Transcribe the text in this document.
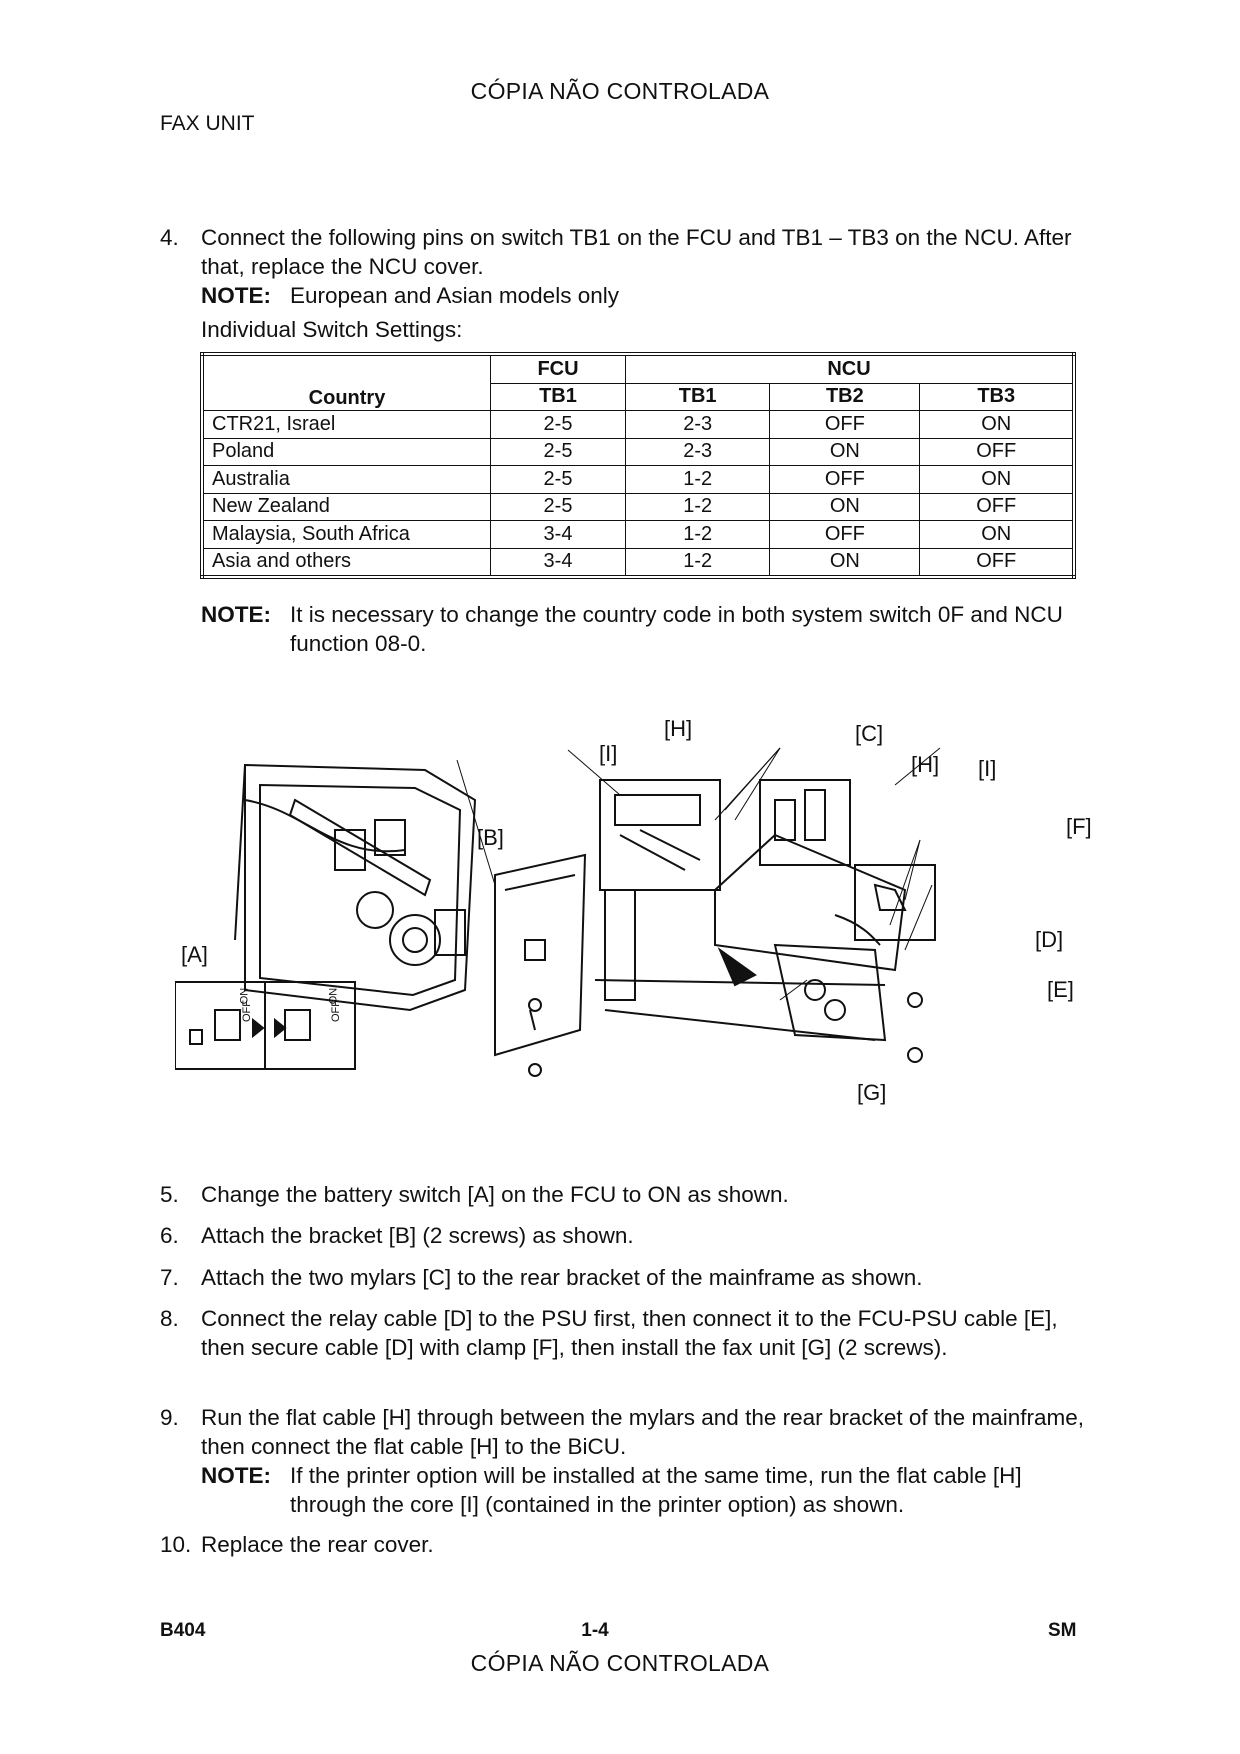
CÓPIA NÃO CONTROLADA
FAX UNIT
4. Connect the following pins on switch TB1 on the FCU and TB1 – TB3 on the NCU. After that, replace the NCU cover.
NOTE: European and Asian models only
Individual Switch Settings:
Country	FCU	NCU		
	TB1	TB1	TB2	TB3
CTR21, Israel	2-5	2-3	OFF	ON
Poland	2-5	2-3	ON	OFF
Australia	2-5	1-2	OFF	ON
New Zealand	2-5	1-2	ON	OFF
Malaysia, South Africa	3-4	1-2	OFF	ON
Asia and others	3-4	1-2	ON	OFF
NOTE: It is necessary to change the country code in both system switch 0F and NCU function 08-0.
[A]
[B]
[I]
[H]	[C]
[H] [I]
[F]
[D]
[E]
[G]
OFF
ON
OFF
ON
5. Change the battery switch [A] on the FCU to ON as shown.
6. Attach the bracket [B] (2 screws) as shown.
7. Attach the two mylars [C] to the rear bracket of the mainframe as shown.
8. Connect the relay cable [D] to the PSU first, then connect it to the FCU-PSU cable [E], then secure cable [D] with clamp [F], then install the fax unit [G] (2 screws).
9. Run the flat cable [H] through between the mylars and the rear bracket of the mainframe, then connect the flat cable [H] to the BiCU.
NOTE: If the printer option will be installed at the same time, run the flat cable [H] through the core [I] (contained in the printer option) as shown.
10. Replace the rear cover.
B404	1-4	SM
CÓPIA NÃO CONTROLADA
